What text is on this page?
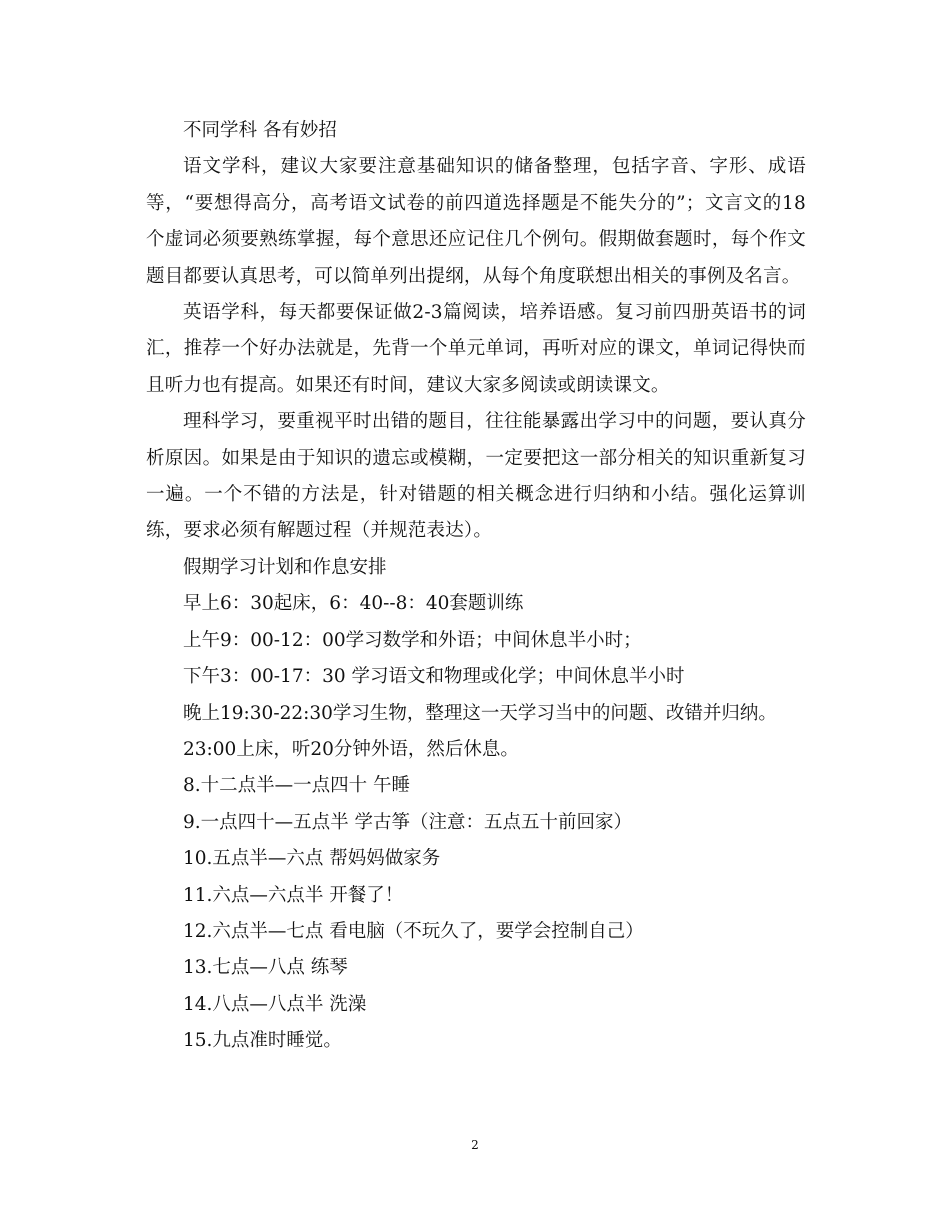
不同学科 各有妙招

语文学科，建议大家要注意基础知识的储备整理，包括字音、字形、成语等，“要想得高分，高考语文试卷的前四道选择题是不能失分的”；文言文的18个虚词必须要熟练掌握，每个意思还应记住几个例句。假期做套题时，每个作文题目都要认真思考，可以简单列出提纲，从每个角度联想出相关的事例及名言。

英语学科，每天都要保证做2-3篇阅读，培养语感。复习前四册英语书的词汇，推荐一个好办法就是，先背一个单元单词，再听对应的课文，单词记得快而且听力也有提高。如果还有时间，建议大家多阅读或朗读课文。

理科学习，要重视平时出错的题目，往往能暴露出学习中的问题，要认真分析原因。如果是由于知识的遗忘或模糊，一定要把这一部分相关的知识重新复习一遍。一个不错的方法是，针对错题的相关概念进行归纳和小结。强化运算训练，要求必须有解题过程（并规范表达）。

假期学习计划和作息安排

早上6：30起床，6：40--8：40套题训练

上午9：00-12：00学习数学和外语；中间休息半小时；

下午3：00-17：30 学习语文和物理或化学；中间休息半小时

晚上19:30-22:30学习生物，整理这一天学习当中的问题、改错并归纳。

23:00上床，听20分钟外语，然后休息。

8.十二点半—一点四十 午睡

9.一点四十—五点半 学古筝（注意：五点五十前回家）

10.五点半—六点 帮妈妈做家务

11.六点—六点半 开餐了！

12.六点半—七点 看电脑（不玩久了，要学会控制自己）

13.七点—八点 练琴

14.八点—八点半 洗澡

15.九点准时睡觉。

2
